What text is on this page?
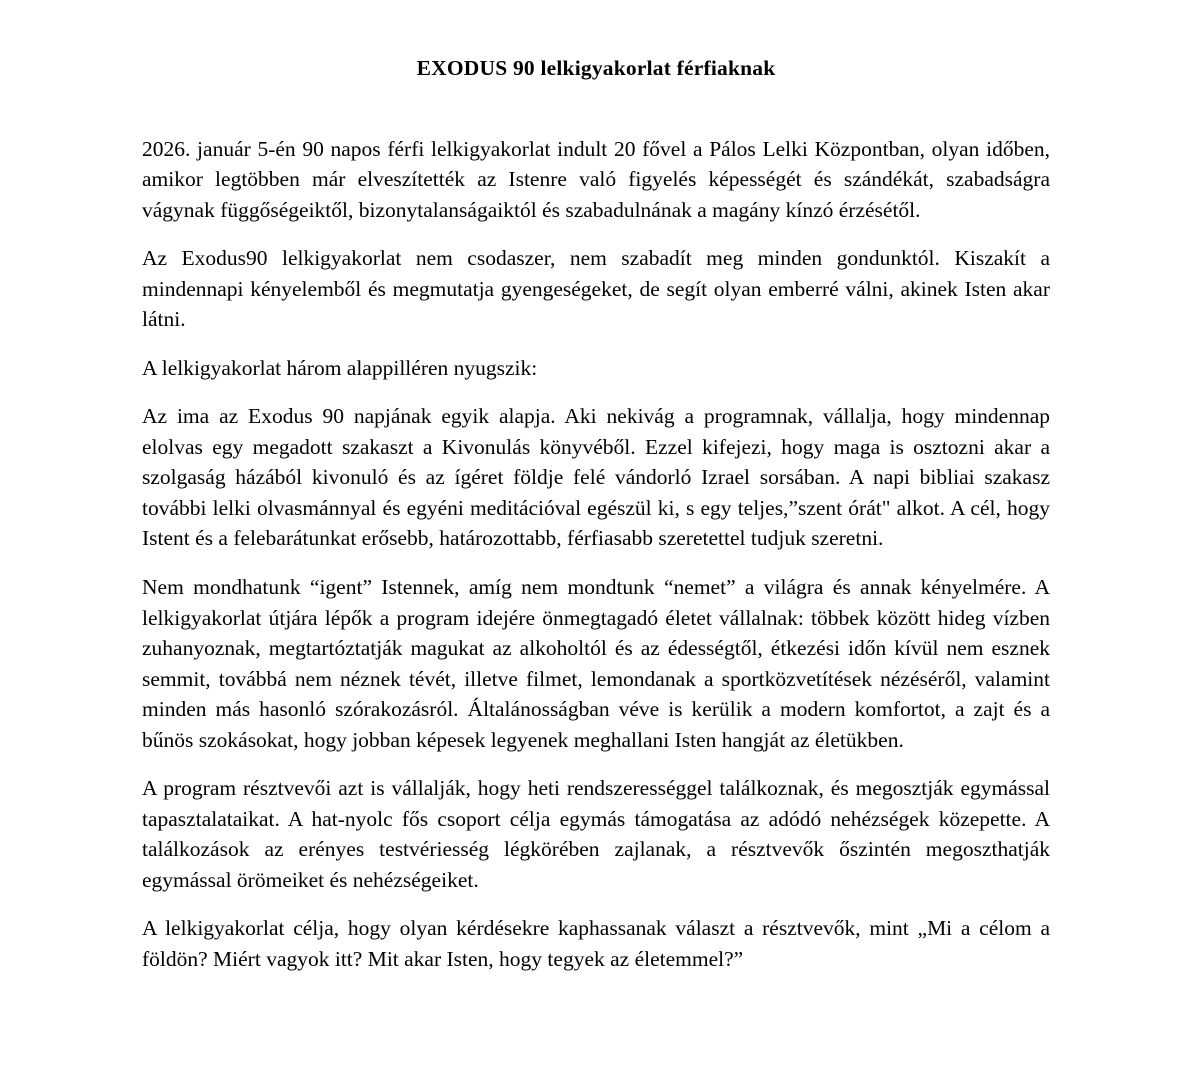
EXODUS 90 lelkigyakorlat férfiaknak

2026. január 5-én 90 napos férfi lelkigyakorlat indult 20 fővel a Pálos Lelki Központban, olyan időben, amikor legtöbben már elveszítették az Istenre való figyelés képességét és szándékát, szabadságra vágynak függőségeiktől, bizonytalanságaiktól és szabadulnának a magány kínzó érzésétől.

Az Exodus90 lelkigyakorlat nem csodaszer, nem szabadít meg minden gondunktól. Kiszakít a mindennapi kényelemből és megmutatja gyengeségeket, de segít olyan emberré válni, akinek Isten akar látni.

A lelkigyakorlat három alappilléren nyugszik:

Az ima az Exodus 90 napjának egyik alapja. Aki nekivág a programnak, vállalja, hogy mindennap elolvas egy megadott szakaszt a Kivonulás könyvéből. Ezzel kifejezi, hogy maga is osztozni akar a szolgaság házából kivonuló és az ígéret földje felé vándorló Izrael sorsában. A napi bibliai szakasz további lelki olvasmánnyal és egyéni meditációval egészül ki, s egy teljes,”szent órát" alkot. A cél, hogy Istent és a felebarátunkat erősebb, határozottabb, férfiasabb szeretettel tudjuk szeretni.

Nem mondhatunk “igent” Istennek, amíg nem mondtunk “nemet” a világra és annak kényelmére. A lelkigyakorlat útjára lépők a program idejére önmegtagadó életet vállalnak: többek között hideg vízben zuhanyoznak, megtartóztatják magukat az alkoholtól és az édességtől, étkezési időn kívül nem esznek semmit, továbbá nem néznek tévét, illetve filmet, lemondanak a sportközvetítések nézéséről, valamint minden más hasonló szórakozásról. Általánosságban véve is kerülik a modern komfortot, a zajt és a bűnös szokásokat, hogy jobban képesek legyenek meghallani Isten hangját az életükben.

A program résztvevői azt is vállalják, hogy heti rendszerességgel találkoznak, és megosztják egymással tapasztalataikat. A hat-nyolc fős csoport célja egymás támogatása az adódó nehézségek közepette. A találkozások az erényes testvériesség légkörében zajlanak, a résztvevők őszintén megoszthatják egymással örömeiket és nehézségeiket.

A lelkigyakorlat célja, hogy olyan kérdésekre kaphassanak választ a résztvevők, mint „Mi a célom a földön? Miért vagyok itt? Mit akar Isten, hogy tegyek az életemmel?”
